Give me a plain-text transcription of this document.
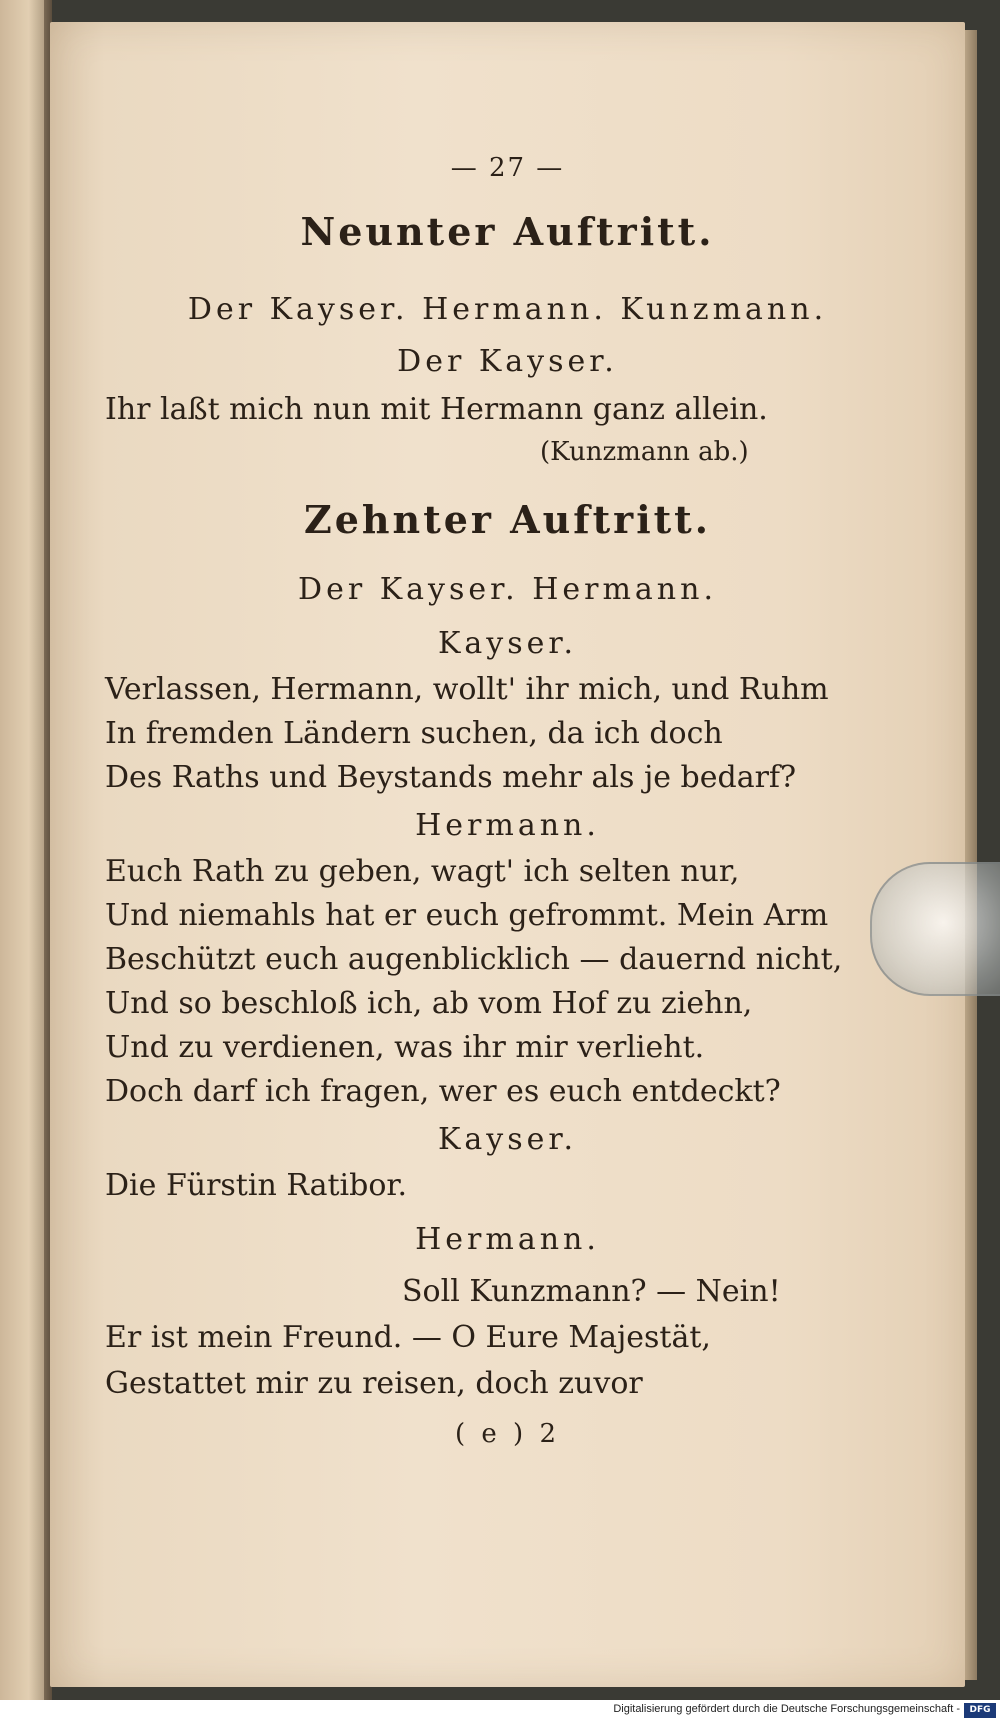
— 27 —
Neunter Auftritt.
Der Kayser. Hermann. Kunzmann.
Der Kayser.
Ihr laßt mich nun mit Hermann ganz allein.
(Kunzmann ab.)
Zehnter Auftritt.
Der Kayser. Hermann.
Kayser.
Verlassen, Hermann, wollt' ihr mich, und Ruhm
In fremden Ländern suchen, da ich doch
Des Raths und Beystands mehr als je bedarf?
Hermann.
Euch Rath zu geben, wagt' ich selten nur,
Und niemahls hat er euch gefrommt. Mein Arm
Beschützt euch augenblicklich — dauernd nicht,
Und so beschloß ich, ab vom Hof zu ziehn,
Und zu verdienen, was ihr mir verlieht.
Doch darf ich fragen, wer es euch entdeckt?
Kayser.
Die Fürstin Ratibor.
Hermann.
Soll Kunzmann? — Nein!
Er ist mein Freund. — O Eure Majestät,
Gestattet mir zu reisen, doch zuvor
( e ) 2
Digitalisierung gefördert durch die Deutsche Forschungsgemeinschaft -	DFG
